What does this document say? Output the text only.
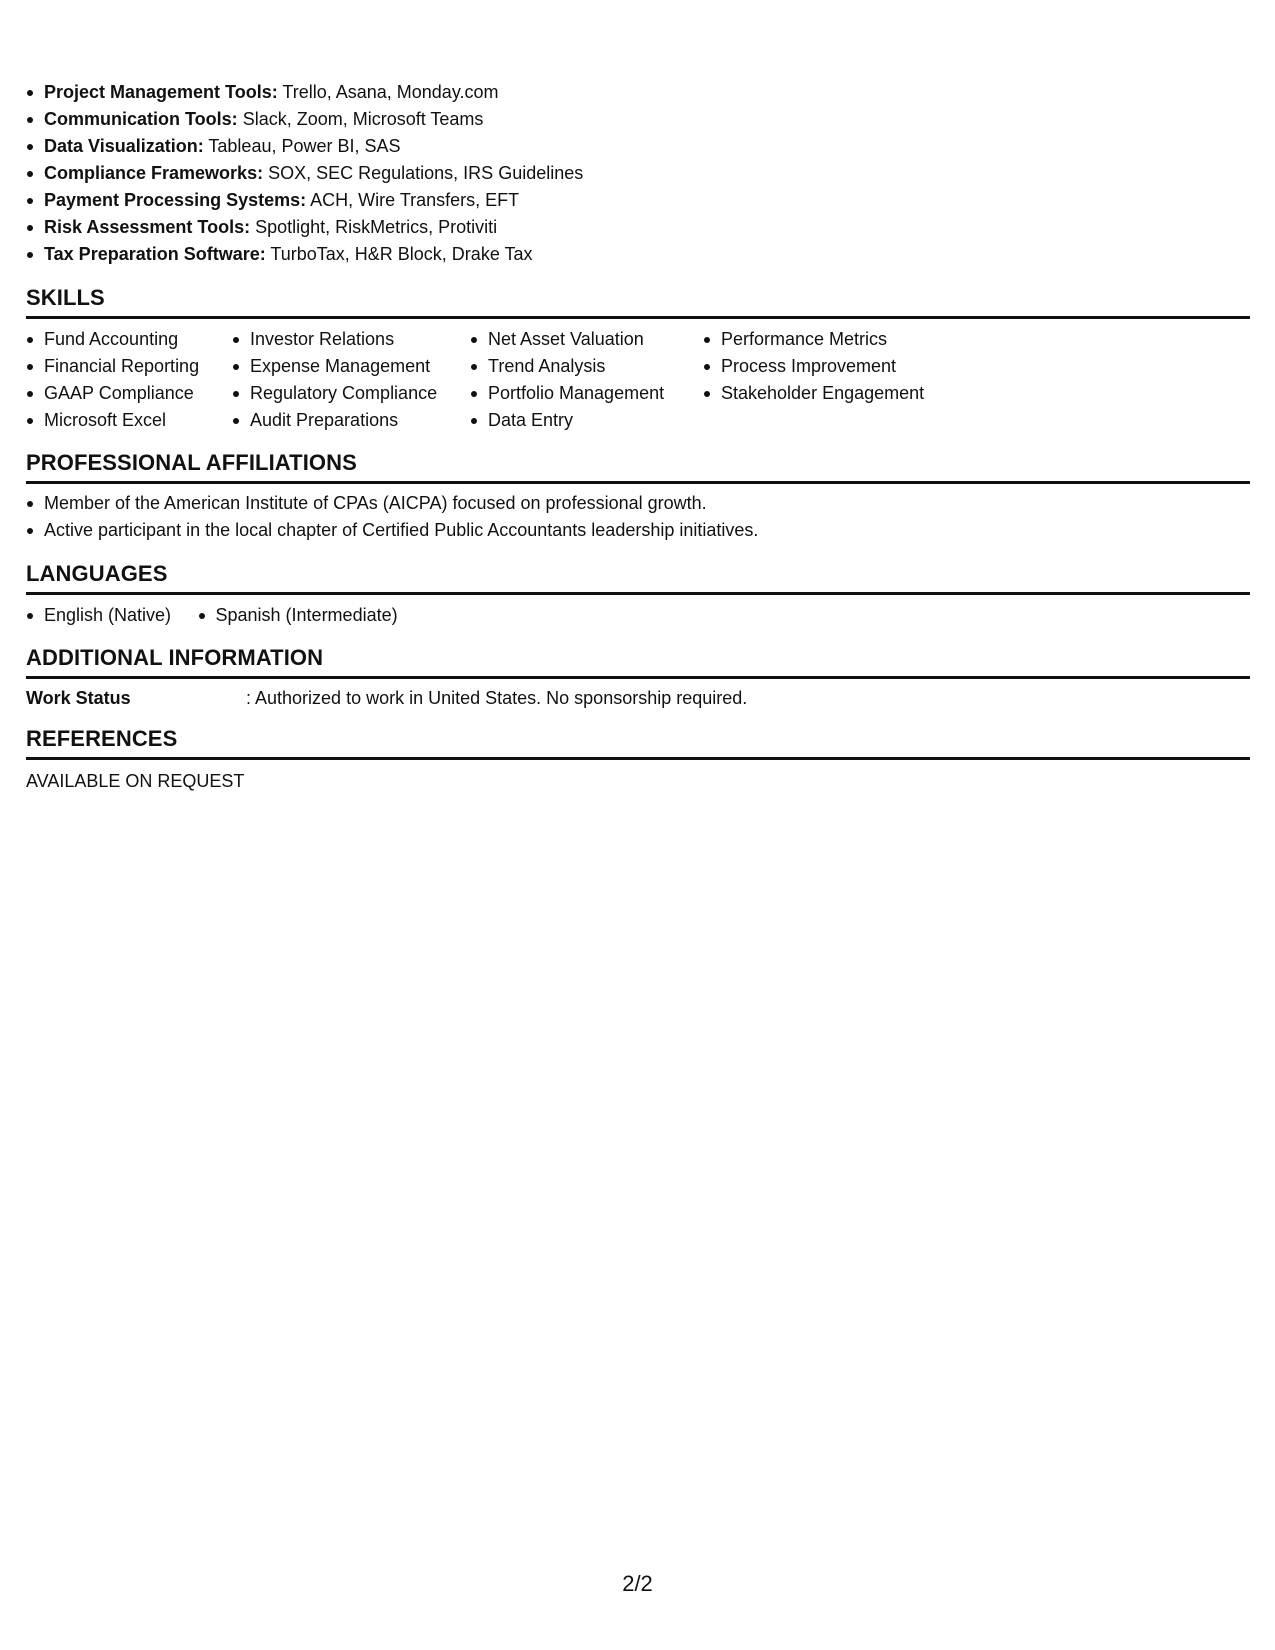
Project Management Tools: Trello, Asana, Monday.com
Communication Tools: Slack, Zoom, Microsoft Teams
Data Visualization: Tableau, Power BI, SAS
Compliance Frameworks: SOX, SEC Regulations, IRS Guidelines
Payment Processing Systems: ACH, Wire Transfers, EFT
Risk Assessment Tools: Spotlight, RiskMetrics, Protiviti
Tax Preparation Software: TurboTax, H&R Block, Drake Tax
SKILLS
Fund Accounting
Financial Reporting
GAAP Compliance
Microsoft Excel
Investor Relations
Expense Management
Regulatory Compliance
Audit Preparations
Net Asset Valuation
Trend Analysis
Portfolio Management
Data Entry
Performance Metrics
Process Improvement
Stakeholder Engagement
PROFESSIONAL AFFILIATIONS
Member of the American Institute of CPAs (AICPA) focused on professional growth.
Active participant in the local chapter of Certified Public Accountants leadership initiatives.
LANGUAGES
English (Native) Spanish (Intermediate)
ADDITIONAL INFORMATION
Work Status	: Authorized to work in United States. No sponsorship required.
REFERENCES
AVAILABLE ON REQUEST
2/2
